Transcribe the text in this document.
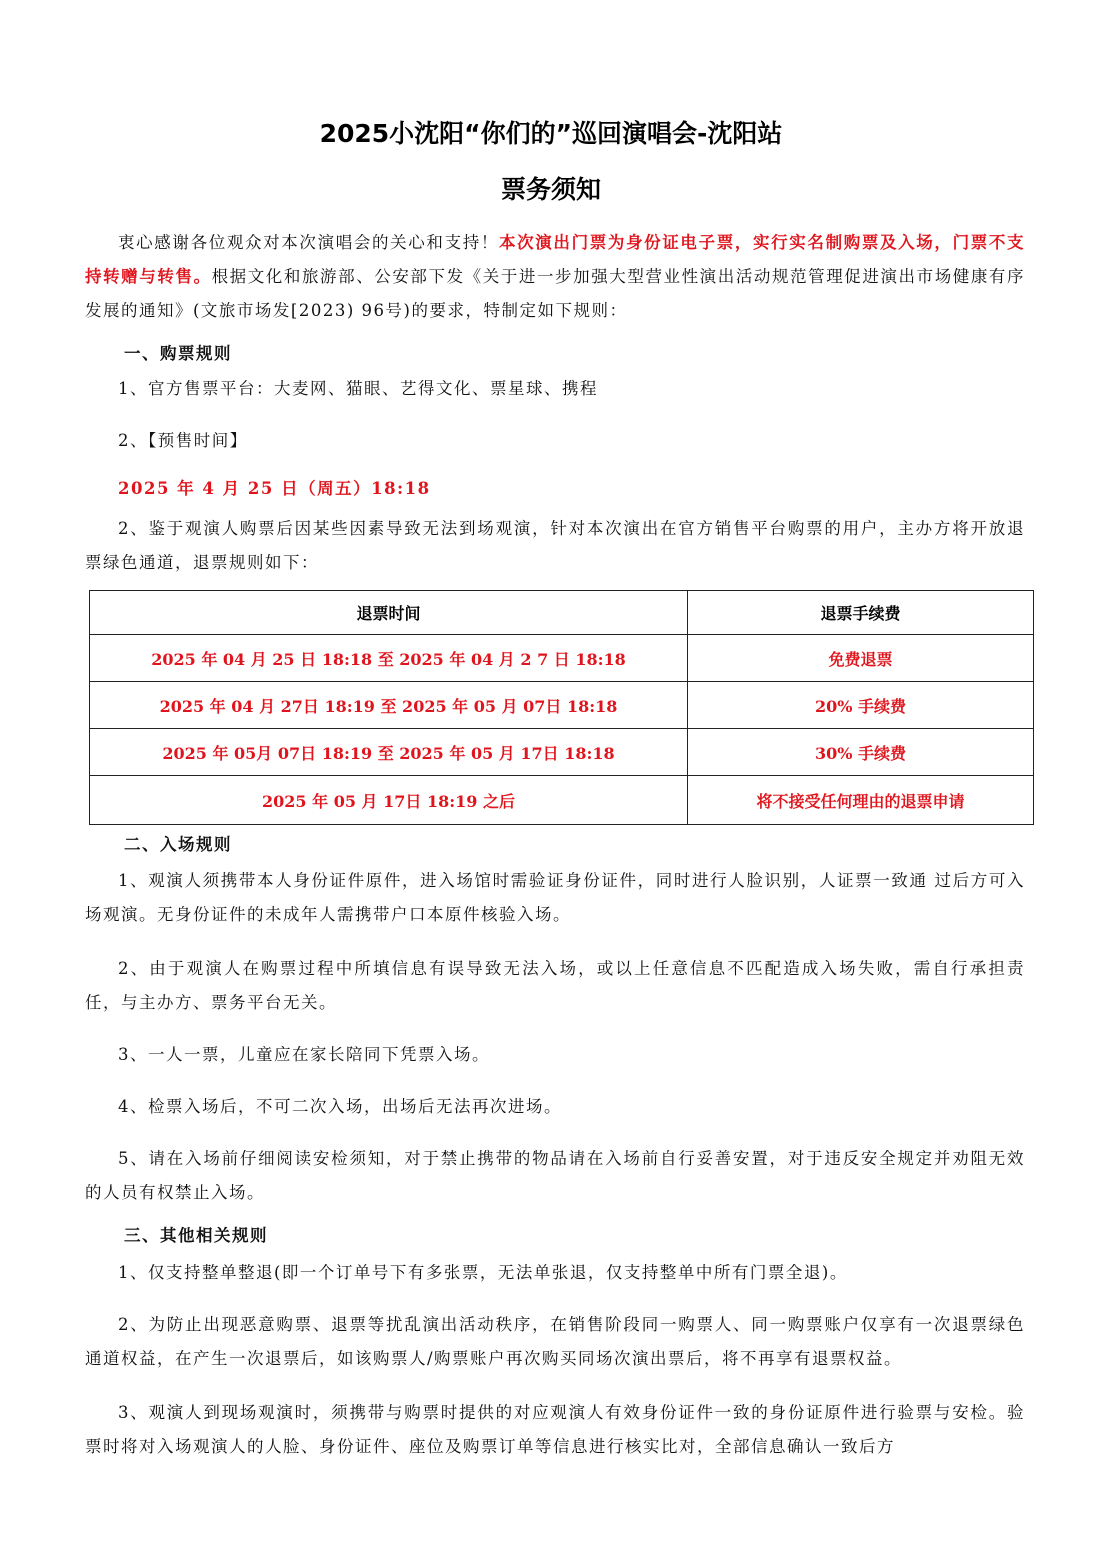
2025小沈阳“你们的”巡回演唱会-沈阳站
票务须知

衷心感谢各位观众对本次演唱会的关心和支持！本次演出门票为身份证电子票，实行实名制购票及入场，门票不支持转赠与转售。根据文化和旅游部、公安部下发《关于进一步加强大型营业性演出活动规范管理促进演出市场健康有序发展的通知》(文旅市场发[2023) 96号)的要求，特制定如下规则：

一、购票规则

1、官方售票平台：大麦网、猫眼、艺得文化、票星球、携程

2、【预售时间】

2025 年 4 月 25 日（周五）18:18

2、鉴于观演人购票后因某些因素导致无法到场观演，针对本次演出在官方销售平台购票的用户，主办方将开放退票绿色通道，退票规则如下：

退票时间	退票手续费
2025 年 04 月 25 日 18:18 至 2025 年 04 月 2 7 日 18:18	免费退票
2025 年 04 月 27日 18:19 至 2025 年 05 月 07日 18:18	20% 手续费
2025 年 05月 07日 18:19 至 2025 年 05 月 17日 18:18	30% 手续费
2025 年 05 月 17日 18:19 之后	将不接受任何理由的退票申请
二、入场规则

1、观演人须携带本人身份证件原件，进入场馆时需验证身份证件，同时进行人脸识别，人证票一致通 过后方可入场观演。无身份证件的未成年人需携带户口本原件核验入场。

2、由于观演人在购票过程中所填信息有误导致无法入场，或以上任意信息不匹配造成入场失败，需自行承担责任，与主办方、票务平台无关。

3、一人一票，儿童应在家长陪同下凭票入场。

4、检票入场后，不可二次入场，出场后无法再次进场。

5、请在入场前仔细阅读安检须知，对于禁止携带的物品请在入场前自行妥善安置，对于违反安全规定并劝阻无效的人员有权禁止入场。

三、其他相关规则

1、仅支持整单整退(即一个订单号下有多张票，无法单张退，仅支持整单中所有门票全退)。

2、为防止出现恶意购票、退票等扰乱演出活动秩序，在销售阶段同一购票人、同一购票账户仅享有一次退票绿色通道权益，在产生一次退票后，如该购票人/购票账户再次购买同场次演出票后，将不再享有退票权益。

3、观演人到现场观演时，须携带与购票时提供的对应观演人有效身份证件一致的身份证原件进行验票与安检。验票时将对入场观演人的人脸、身份证件、座位及购票订单等信息进行核实比对，全部信息确认一致后方
